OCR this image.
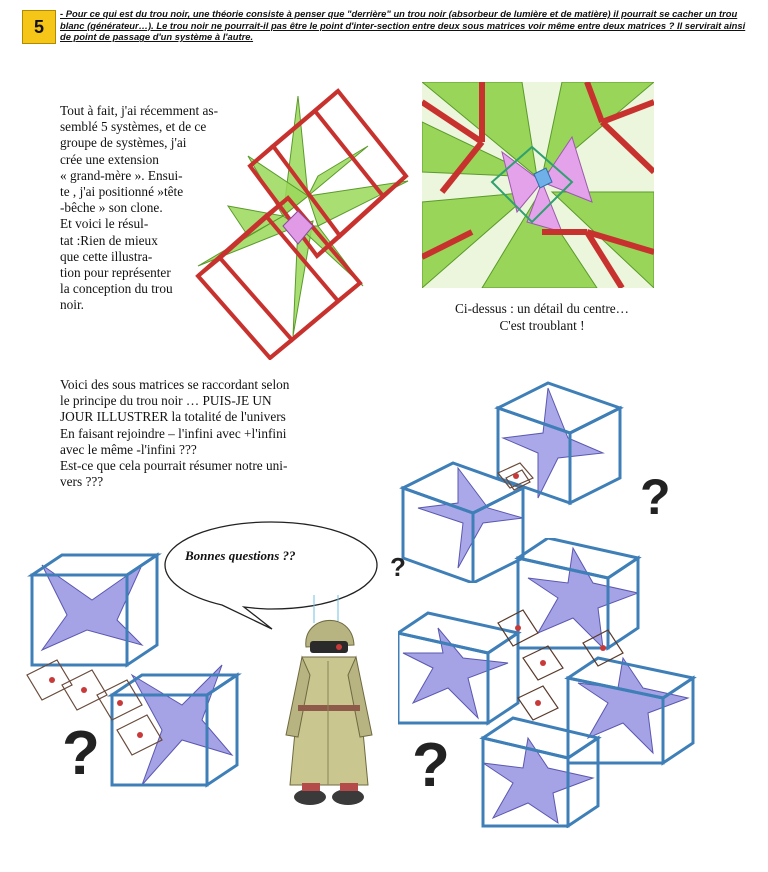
5
- Pour ce qui est du trou noir, une théorie consiste à penser que "derrière" un trou noir (absorbeur de lumière et de matière) il pourrait se cacher un trou blanc (générateur…). Le trou noir ne pourrait-il pas être le point d'inter-section entre deux sous matrices voir même entre deux matrices ? Il servirait ainsi de point de passage d'un système à l'autre.
Tout à fait, j'ai récemment as-
semblé 5 systèmes, et de ce
groupe de systèmes, j'ai
crée une extension
« grand-mère ». Ensui-
te , j'ai positionné »tête
-bêche » son clone.
Et voici le résul-
tat :Rien de mieux
que cette illustra-
tion pour représenter
la conception du trou
noir.	Ci-dessus : un détail du centre…
C'est troublant !
Voici des sous matrices se raccordant selon
le principe du trou noir … PUIS-JE UN
JOUR ILLUSTRER la totalité de l'univers
En faisant rejoindre – l'infini avec +l'infini
avec le même -l'infini ???
Est-ce que cela pourrait résumer notre uni-
vers ???
Bonnes questions ??
?
?
?	?
